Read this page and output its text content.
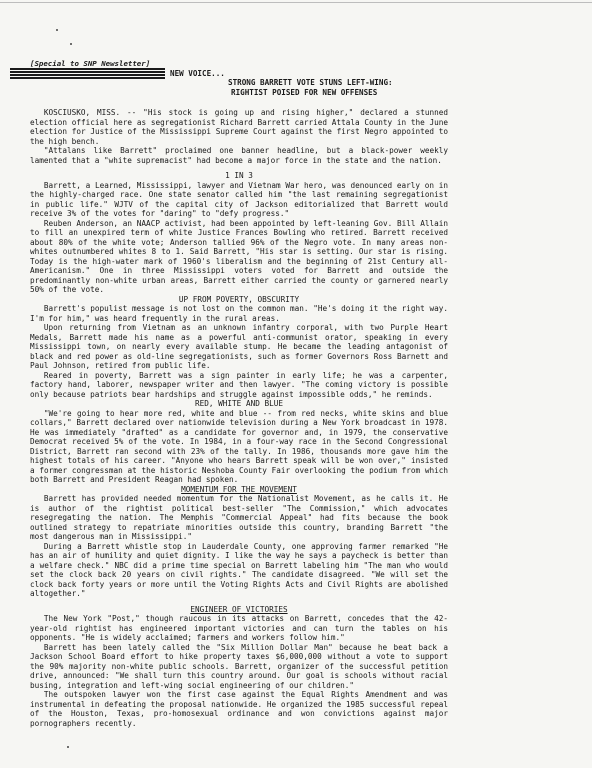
[Special to SNP Newsletter]
NEW VOICE...
STRONG BARRETT VOTE STUNS LEFT-WING:
RIGHTIST POISED FOR NEW OFFENSES

KOSCIUSKO, MISS. -- "His stock is going up and rising higher," declared a stunned election official here as segregationist Richard Barrett carried Attala County in the June election for Justice of the Mississippi Supreme Court against the first Negro appointed to the high bench.

"Attalans like Barrett" proclaimed one banner headline, but a black-power weekly lamented that a "white supremacist" had become a major force in the state and the nation.

1 IN 3

Barrett, a Learned, Mississippi, lawyer and Vietnam War hero, was denounced early on in the highly-charged race. One state senator called him "the last remaining segregationist in public life." WJTV of the capital city of Jackson editorialized that Barrett would receive 3% of the votes for "daring" to "defy progress."

Reuben Anderson, an NAACP activist, had been appointed by left-leaning Gov. Bill Allain to fill an unexpired term of white Justice Frances Bowling who retired. Barrett received about 80% of the white vote; Anderson tallied 96% of the Negro vote. In many areas non-whites outnumbered whites 8 to 1. Said Barrett, "His star is setting. Our star is rising. Today is the high-water mark of 1960's liberalism and the beginning of 21st Century all-Americanism." One in three Mississippi voters voted for Barrett and outside the predominantly non-white urban areas, Barrett either carried the county or garnered nearly 50% of the vote.

UP FROM POVERTY, OBSCURITY

Barrett's populist message is not lost on the common man. "He's doing it the right way. I'm for him," was heard frequently in the rural areas.

Upon returning from Vietnam as an unknown infantry corporal, with two Purple Heart Medals, Barrett made his name as a powerful anti-communist orator, speaking in every Mississippi town, on nearly every available stump. He became the leading antagonist of black and red power as old-line segregationists, such as former Governors Ross Barnett and Paul Johnson, retired from public life.

Reared in poverty, Barrett was a sign painter in early life; he was a carpenter, factory hand, laborer, newspaper writer and then lawyer. "The coming victory is possible only because patriots bear hardships and struggle against impossible odds," he reminds.

RED, WHITE AND BLUE

"We're going to hear more red, white and blue -- from red necks, white skins and blue collars," Barrett declared over nationwide television during a New York broadcast in 1978. He was immediately "drafted" as a candidate for governor and, in 1979, the conservative Democrat received 5% of the vote. In 1984, in a four-way race in the Second Congressional District, Barrett ran second with 23% of the tally. In 1986, thousands more gave him the highest totals of his career. "Anyone who hears Barrett speak will be won over," insisted a former congressman at the historic Neshoba County Fair overlooking the podium from which both Barrett and President Reagan had spoken.

MOMENTUM FOR THE MOVEMENT

Barrett has provided needed momentum for the Nationalist Movement, as he calls it. He is author of the rightist political best-seller "The Commission," which advocates resegregating the nation. The Memphis "Commercial Appeal" had fits because the book outlined strategy to repatriate minorities outside this country, branding Barrett "the most dangerous man in Mississippi."

During a Barrett whistle stop in Lauderdale County, one approving farmer remarked "He has an air of humility and quiet dignity. I like the way he says a paycheck is better than a welfare check." NBC did a prime time special on Barrett labeling him "The man who would set the clock back 20 years on civil rights." The candidate disagreed. "We will set the clock back forty years or more until the Voting Rights Acts and Civil Rights are abolished altogether."

ENGINEER OF VICTORIES

The New York "Post," though raucous in its attacks on Barrett, concedes that the 42-year-old rightist has engineered important victories and can turn the tables on his opponents. "He is widely acclaimed; farmers and workers follow him."

Barrett has been lately called the "Six Million Dollar Man" because he beat back a Jackson School Board effort to hike property taxes $6,000,000 without a vote to support the 90% majority non-white public schools. Barrett, organizer of the successful petition drive, announced: "We shall turn this country around. Our goal is schools without racial busing, integration and left-wing social engineering of our children."

The outspoken lawyer won the first case against the Equal Rights Amendment and was instrumental in defeating the proposal nationwide. He organized the 1985 successful repeal of the Houston, Texas, pro-homosexual ordinance and won convictions against major pornographers recently.
